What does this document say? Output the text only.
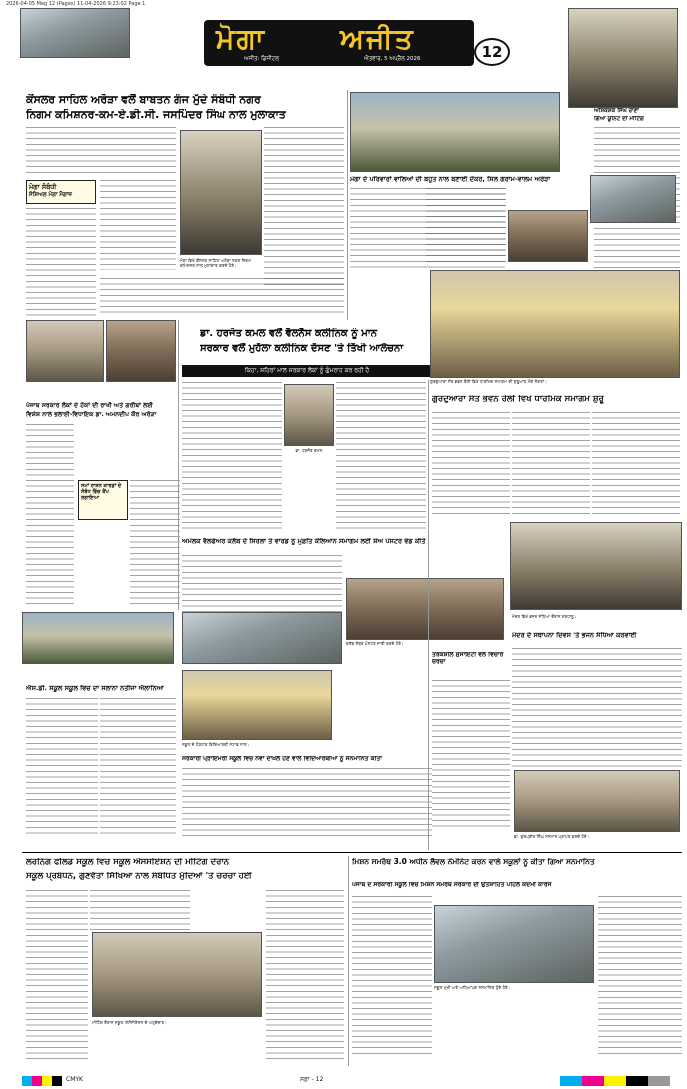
2026-04-05 Meg 12 (Pages) 11-04-2026 9:23:02 Page 1
ਮੋਗਾ	ਅਜੀਤ
ਅਜੀਤ: ਡਿਜੀਟਲ	ਐਤਵਾਰ, 5 ਅਪ੍ਰੈਲ 2026	12
ਕੌਂਸਲਰ ਸਾਹਿਲ ਅਰੋੜਾ ਵਲੋਂ ਬਾਬਤਨ ਗੰਜ ਮੁੱਦੇ ਸੰਬੰਧੀ ਨਗਰ
ਨਿਗਮ ਕਮਿਸ਼ਨਰ-ਕਮ-ਏ.ਡੀ.ਸੀ. ਜਸਪਿੰਦਰ ਸਿੰਘ ਨਾਲ ਮੁਲਾਕਾਤ
ਮੋਗਾ ਸੰਬੰਧੀ
ਸੋਸ਼ਿਅਲ ਮੋਗਾ ਮੈਗਾਜ਼
ਮੋਗਾ ਵਿਖੇ ਕੌਂਸਲਰ ਸਾਹਿਲ ਅਰੋੜਾ ਨਗਰ ਨਿਗਮ ਕਮਿਸ਼ਨਰ ਨਾਲ ਮੁਲਾਕਾਤ ਕਰਦੇ ਹੋਏ।
ਮੋਗਾ ਦੇ ਪਰਿਵਾਰਾਂ ਵਾਲਿਆਂ ਦੀ ਬਹੁਤ ਨਾਲ ਬਣਾਈ ਦੌਕਰ, ਸਿਲ ਗਰਾਮ-ਵਾਲਮ ਅਰੋੜਾ
ਅਸ਼ਿਕਸ਼ਕ ਸਿੰਘ ਰਾਣਾ
ਗਿਆ ਯੂਨਿਟ ਦੀ ਮੀਟਿੰਗ
ਪੰਜਾਬ ਸਰਕਾਰ ਲੋਕਾਂ ਦੇ ਹੱਕਾਂ ਦੀ ਰਾਖੀ ਅਤੇ ਗਰੀਬਾਂ ਲਈ
ਵਿਸ਼ੇਸ਼ ਨਾਲ ਭਲਾਈ-ਵਿਧਾਇਕ ਡਾ. ਅਮਨਦੀਪ ਕੌਰ ਅਰੋੜਾ
ਸਮਾਂ ਰਾਸ਼ਨ ਕਾਰਡਾਂ ਦੇ ਸੰਬੰਧ ਵਿੱਚ ਕੈਂਪ ਲਗਾਇਆ
ਡਾ. ਹਰਜੋਤ ਕਮਲ ਵਲੋਂ ਵੈਲਨੈੱਸ ਕਲੀਨਿਕ ਨੂੰ ਮਾਨ
ਸਰਕਾਰ ਵਲੋਂ ਮੁਹੱਲਾ ਕਲੀਨਿਕ ਦੱਸਣ 'ਤੇ ਤਿੱਖੀ ਆਲੋਚਨਾ
ਕਿਹਾ, ਸ਼ਹਿਰਾਂ ਮਾਲ ਸਰਕਾਰ ਲੋਕਾਂ ਨੂੰ ਗੁੰਮਰਾਹ ਕਰ ਰਹੀ ਹੈ
ਡਾ. ਹਰਜੋਤ ਕਮਲ
ਗੁਰਦੁਆਰਾ ਸੰਤ ਭਵਨ ਰੌਲੀ ਵਿਖੇ ਧਾਰਮਿਕ ਸਮਾਗਮ ਦੀ ਸ਼ੁਰੂਆਤ ਮੌਕੇ ਸੰਗਤਾਂ।
ਗੁਰਦੁਆਰਾ ਸੰਤ ਭਵਨ ਰੌਲੀ ਵਿਖੇ ਧਾਰਮਿਕ ਸਮਾਗਮ ਸ਼ੁਰੂ
ਅਮੋਲਕ ਵੈਲਫੇਅਰ ਕਲੱਬ ਦੇ ਸਿਰਲਾ ਤੇ ਵਾਰਡ ਨੂੰ ਮੁਫ਼ਤਿ ਕੌਲਿਆਨ ਸਮਾਗਮ ਲਈ ਸ਼ੋਅ ਪੋਸਟਰ ਵੰਡ ਕੀਤੇ
ਕਲੱਬ ਮੈਂਬਰ ਪੋਸਟਰ ਜਾਰੀ ਕਰਦੇ ਹੋਏ।
ਮੰਦਰ ਦੇ ਸਥਾਪਨਾ ਦਿਵਸ 'ਤੇ ਭਜਨ ਸੰਧਿਆ ਕਰਵਾਈ
ਮੰਦਰ ਵਿਖੇ ਭਜਨ ਸੰਧਿਆ ਦੌਰਾਨ ਸ਼ਰਧਾਲੂ।
ਐਸ.ਡੀ. ਸਕੂਲ ਸਕੂਲ ਵਿਚ ਦਾ ਸਲਾਨਾ ਨਤੀਜਾ ਐਲਾਨਿਆ
ਸਕੂਲ ਦੇ ਹੋਣਹਾਰ ਵਿਦਿਆਰਥੀ ਸਟਾਫ ਨਾਲ।
ਸਰਕਾਰੀ ਪ੍ਰਾਇਮਰੀ ਸਕੂਲ ਵਿਚ ਨਵਾਂ ਦਾਖ਼ਲ ਹੋਣ ਵਾਲੇ ਵਿਦਿਆਰਥੀਆਂ ਨੂੰ ਸਨਮਾਨਿਤ ਕੀਤਾ
ਤਰਕਸ਼ੀਲ ਸੁਸਾਇਟੀ ਵਲੋਂ ਵਿਚਾਰ ਚਰਚਾ
ਡਾ. ਗੁਰਪ੍ਰੀਤ ਸਿੰਘ ਸਨਮਾਨ ਪ੍ਰਾਪਤ ਕਰਦੇ ਹੋਏ।
ਲਰਨਿੰਗ ਫੀਲਡ ਸਕੂਲ ਵਿਚ ਸਕੂਲ ਐਸੋਸੀਏਸ਼ਨ ਦੀ ਮੀਟਿੰਗ ਦੌਰਾਨ
ਸਕੂਲ ਪ੍ਰਬੰਧਨ, ਗੁਣਵੱਤਾ ਸਿੱਖਿਆ ਨਾਲ ਸੰਬੰਧਿਤ ਮੁੱਦਿਆਂ 'ਤੇ ਚਰਚਾ ਹੋਈ
ਮੀਟਿੰਗ ਦੌਰਾਨ ਸਕੂਲ ਐਸੋਸੀਏਸ਼ਨ ਦੇ ਅਹੁਦੇਦਾਰ।
ਮਿਸ਼ਨ ਸਮਰੱਥ 3.0 ਅਧੀਨ ਲੈਵਲ ਨੌਮੀਨੇਟ ਕਰਨ ਵਾਲੇ ਸਕੂਲਾਂ ਨੂੰ ਕੀਤਾ ਗਿਆ ਸਨਮਾਨਿਤ
ਪੰਜਾਬ ਦੇ ਸਰਕਾਰੀ ਸਕੂਲ ਵਿਚ ਮਿਸ਼ਨ ਸਮਰੱਥ ਸਰਕਾਰ ਦੀ ਉਤਸ਼ਾਹਿਤ ਪਹਿਲ ਕਦਮੀ ਕਾਰਜ
ਸਕੂਲ ਮੁਖੀ ਅਤੇ ਅਧਿਆਪਕ ਸਨਮਾਨਿਤ ਹੁੰਦੇ ਹੋਏ।
CMYK	ਸਫ਼ਾ - 12
